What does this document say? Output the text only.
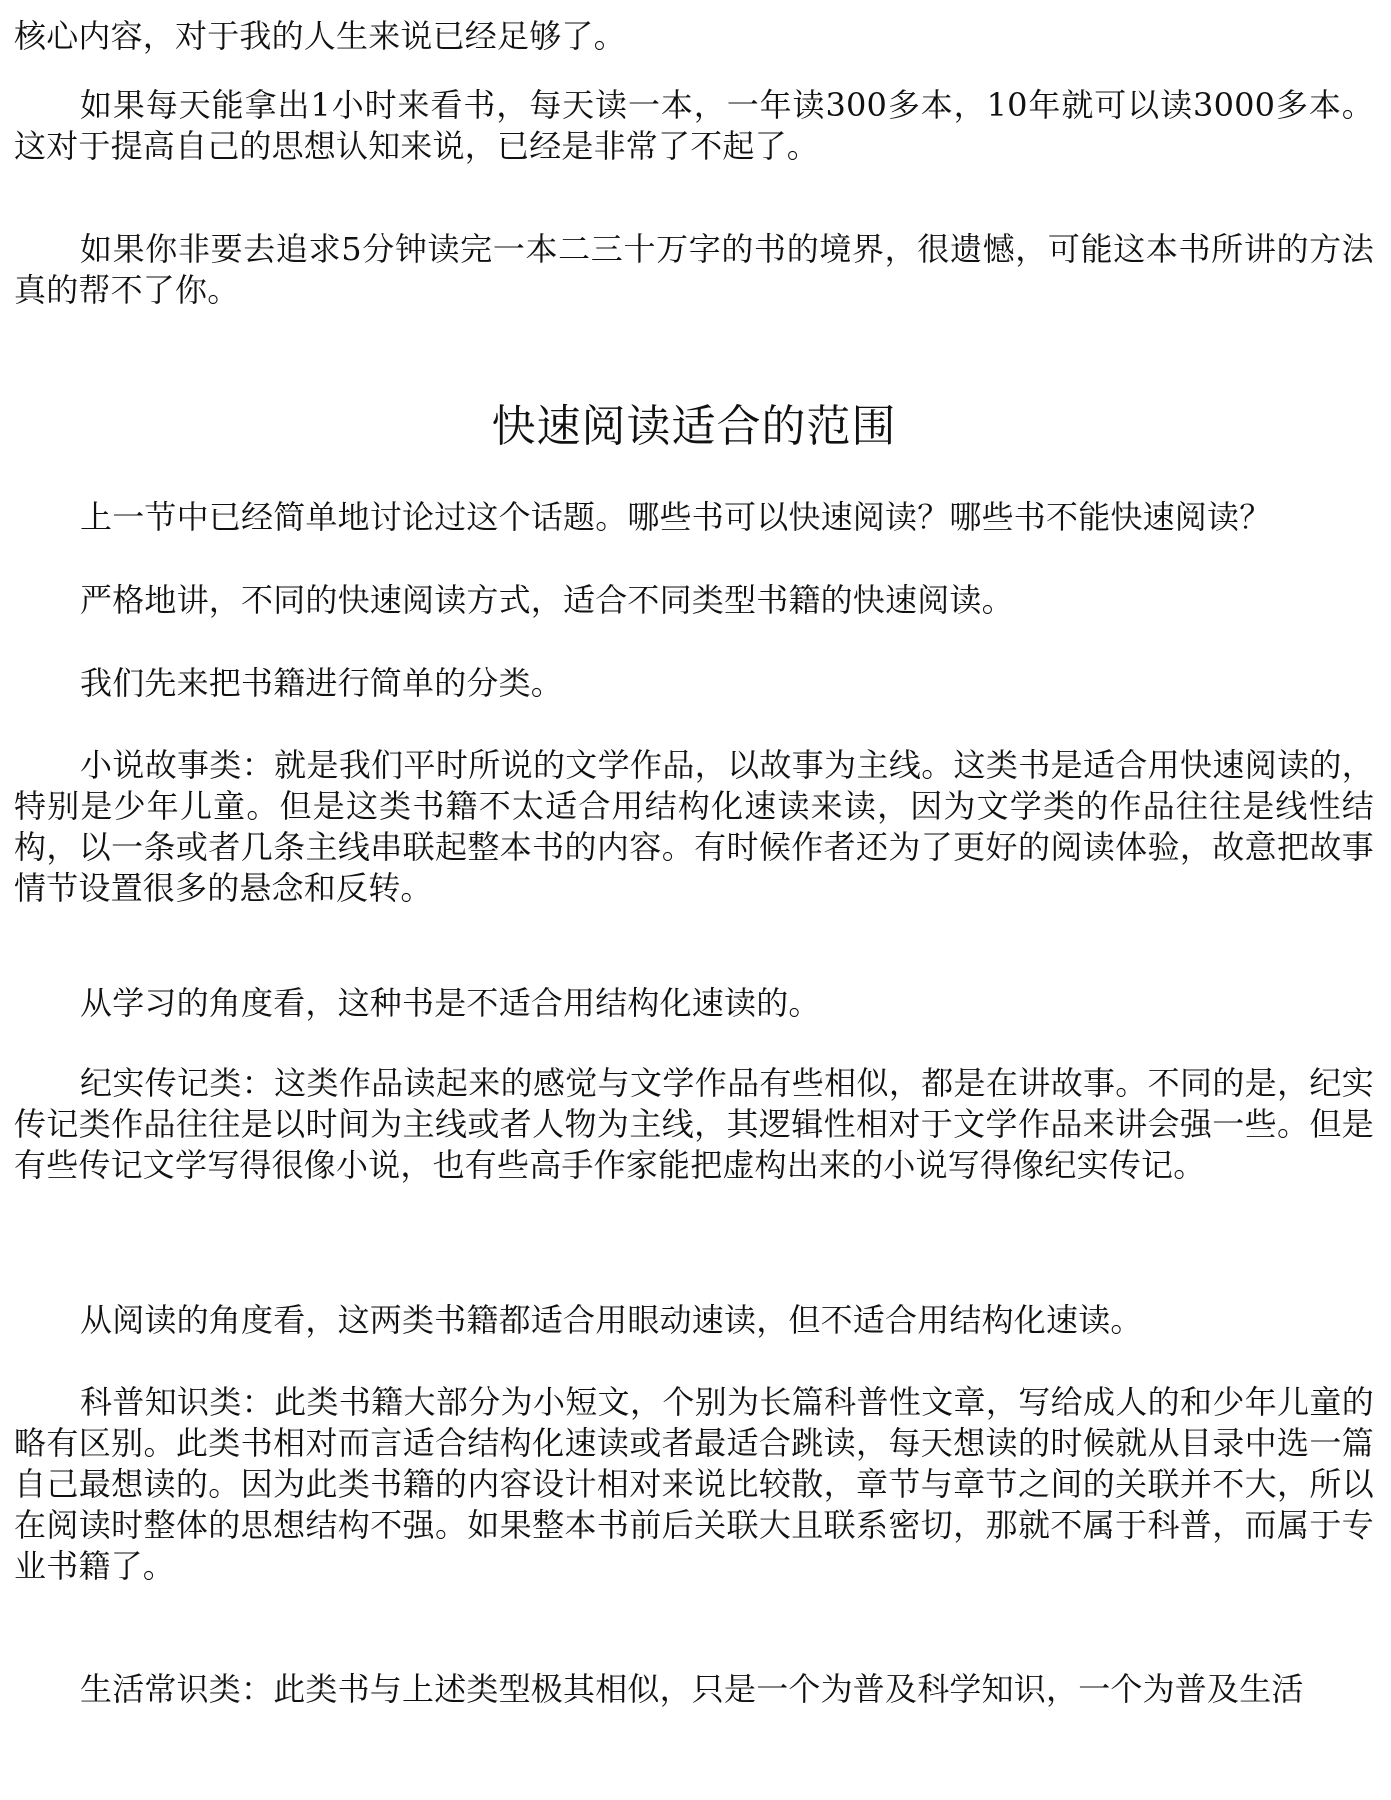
核心内容，对于我的人生来说已经足够了。

如果每天能拿出1小时来看书，每天读一本，一年读300多本，10年就可以读3000多本。这对于提高自己的思想认知来说，已经是非常了不起了。

如果你非要去追求5分钟读完一本二三十万字的书的境界，很遗憾，可能这本书所讲的方法真的帮不了你。

快速阅读适合的范围

上一节中已经简单地讨论过这个话题。哪些书可以快速阅读？哪些书不能快速阅读？

严格地讲，不同的快速阅读方式，适合不同类型书籍的快速阅读。

我们先来把书籍进行简单的分类。

小说故事类：就是我们平时所说的文学作品，以故事为主线。这类书是适合用快速阅读的，特别是少年儿童。但是这类书籍不太适合用结构化速读来读，因为文学类的作品往往是线性结构，以一条或者几条主线串联起整本书的内容。有时候作者还为了更好的阅读体验，故意把故事情节设置很多的悬念和反转。

从学习的角度看，这种书是不适合用结构化速读的。

纪实传记类：这类作品读起来的感觉与文学作品有些相似，都是在讲故事。不同的是，纪实传记类作品往往是以时间为主线或者人物为主线，其逻辑性相对于文学作品来讲会强一些。但是有些传记文学写得很像小说，也有些高手作家能把虚构出来的小说写得像纪实传记。

从阅读的角度看，这两类书籍都适合用眼动速读，但不适合用结构化速读。

科普知识类：此类书籍大部分为小短文，个别为长篇科普性文章，写给成人的和少年儿童的略有区别。此类书相对而言适合结构化速读或者最适合跳读，每天想读的时候就从目录中选一篇自己最想读的。因为此类书籍的内容设计相对来说比较散，章节与章节之间的关联并不大，所以在阅读时整体的思想结构不强。如果整本书前后关联大且联系密切，那就不属于科普，而属于专业书籍了。

生活常识类：此类书与上述类型极其相似，只是一个为普及科学知识，一个为普及生活
